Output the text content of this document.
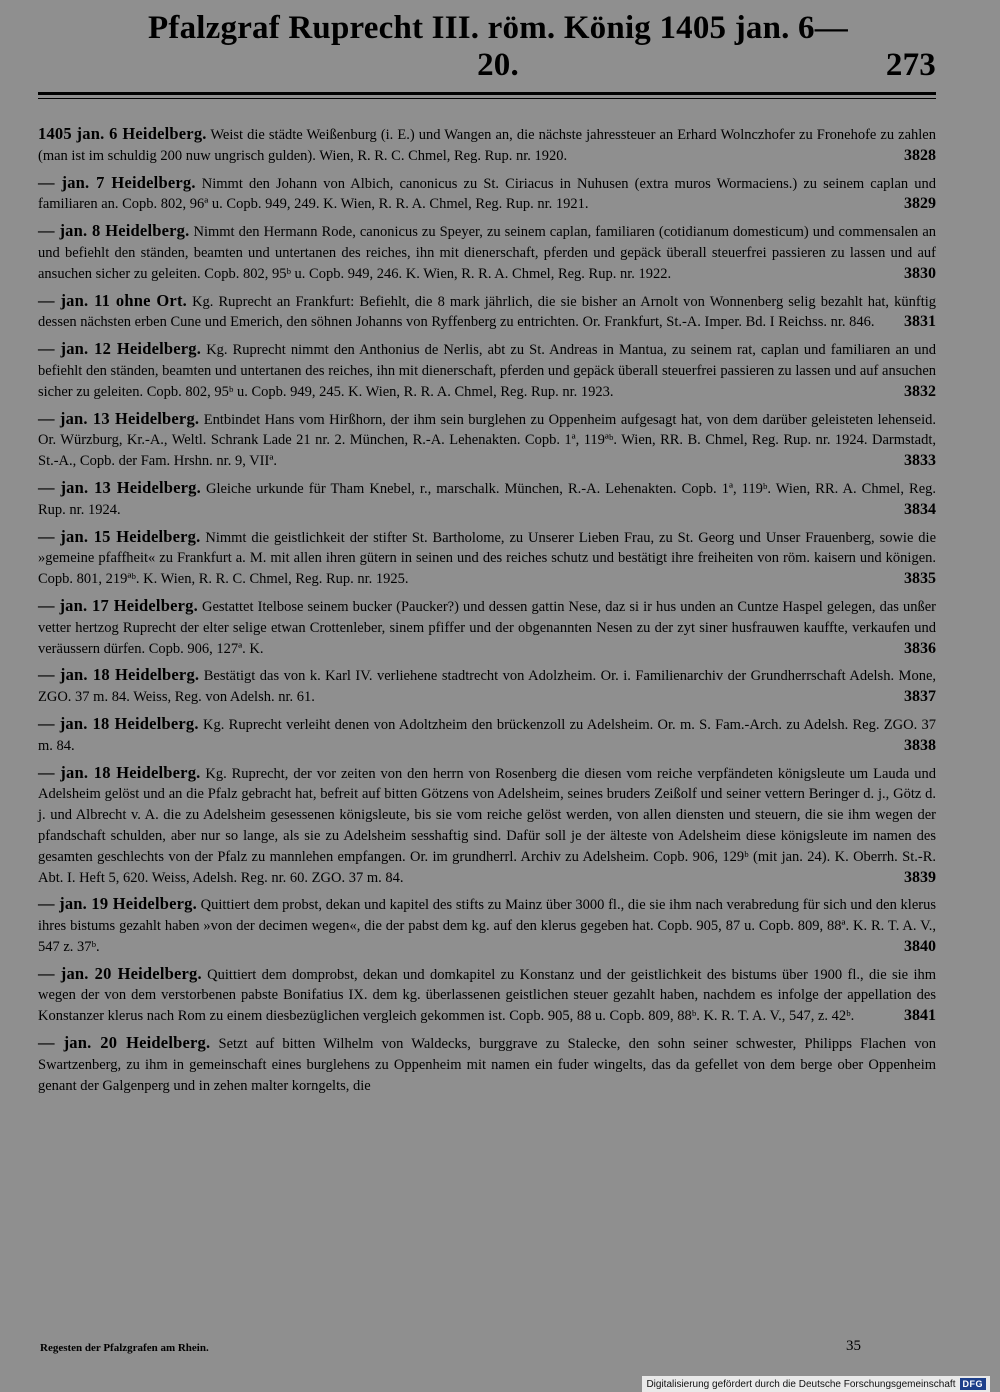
Pfalzgraf Ruprecht III. röm. König 1405 jan. 6—20.	273
1405 jan. 6 Heidelberg. Weist die städte Weißenburg (i. E.) und Wangen an, die nächste jahressteuer an Erhard Wolnczhofer zu Fronehofe zu zahlen (man ist im schuldig 200 nuw ungrisch gulden). Wien, R. R. C. Chmel, Reg. Rup. nr. 1920.	3828
— jan. 7 Heidelberg. Nimmt den Johann von Albich, canonicus zu St. Ciriacus in Nuhusen (extra muros Wormaciens.) zu seinem caplan und familiaren an. Copb. 802, 96ª u. Copb. 949, 249. K. Wien, R. R. A. Chmel, Reg. Rup. nr. 1921.	3829
— jan. 8 Heidelberg. Nimmt den Hermann Rode, canonicus zu Speyer, zu seinem caplan, familiaren (cotidianum domesticum) und commensalen an und befiehlt den ständen, beamten und untertanen des reiches, ihn mit dienerschaft, pferden und gepäck überall steuerfrei passieren zu lassen und auf ansuchen sicher zu geleiten. Copb. 802, 95ᵇ u. Copb. 949, 246. K. Wien, R. R. A. Chmel, Reg. Rup. nr. 1922.	3830
— jan. 11 ohne Ort. Kg. Ruprecht an Frankfurt: Befiehlt, die 8 mark jährlich, die sie bisher an Arnolt von Wonnenberg selig bezahlt hat, künftig dessen nächsten erben Cune und Emerich, den söhnen Johanns von Ryffenberg zu entrichten. Or. Frankfurt, St.-A. Imper. Bd. I Reichss. nr. 846. 3831
— jan. 12 Heidelberg. Kg. Ruprecht nimmt den Anthonius de Nerlis, abt zu St. Andreas in Mantua, zu seinem rat, caplan und familiaren an und befiehlt den ständen, beamten und untertanen des reiches, ihn mit dienerschaft, pferden und gepäck überall steuerfrei passieren zu lassen und auf ansuchen sicher zu geleiten. Copb. 802, 95ᵇ u. Copb. 949, 245. K. Wien, R. R. A. Chmel, Reg. Rup. nr. 1923.	3832
— jan. 13 Heidelberg. Entbindet Hans vom Hirßhorn, der ihm sein burglehen zu Oppenheim aufgesagt hat, von dem darüber geleisteten lehenseid. Or. Würzburg, Kr.-A., Weltl. Schrank Lade 21 nr. 2. München, R.-A. Lehenakten. Copb. 1ª, 119ªᵇ. Wien, RR. B. Chmel, Reg. Rup. nr. 1924. Darmstadt, St.-A., Copb. der Fam. Hrshn. nr. 9, VIIª.	3833
— jan. 13 Heidelberg. Gleiche urkunde für Tham Knebel, r., marschalk. München, R.-A. Lehenakten. Copb. 1ª, 119ᵇ. Wien, RR. A. Chmel, Reg. Rup. nr. 1924.	3834
— jan. 15 Heidelberg. Nimmt die geistlichkeit der stifter St. Bartholome, zu Unserer Lieben Frau, zu St. Georg und Unser Frauenberg, sowie die »gemeine pfaffheit« zu Frankfurt a. M. mit allen ihren gütern in seinen und des reiches schutz und bestätigt ihre freiheiten von röm. kaisern und königen. Copb. 801, 219ªᵇ. K. Wien, R. R. C. Chmel, Reg. Rup. nr. 1925.	3835
— jan. 17 Heidelberg. Gestattet Itelbose seinem bucker (Paucker?) und dessen gattin Nese, daz si ir hus unden an Cuntze Haspel gelegen, das unßer vetter hertzog Ruprecht der elter selige etwan Crottenleber, sinem pfiffer und der obgenannten Nesen zu der zyt siner husfrauwen kauffte, verkaufen und veräussern dürfen. Copb. 906, 127ª. K.	3836
— jan. 18 Heidelberg. Bestätigt das von k. Karl IV. verliehene stadtrecht von Adolzheim. Or. i. Familienarchiv der Grundherrschaft Adelsh. Mone, ZGO. 37 m. 84. Weiss, Reg. von Adelsh. nr. 61.	3837
— jan. 18 Heidelberg. Kg. Ruprecht verleiht denen von Adoltzheim den brückenzoll zu Adelsheim. Or. m. S. Fam.-Arch. zu Adelsh. Reg. ZGO. 37 m. 84.	3838
— jan. 18 Heidelberg. Kg. Ruprecht, der vor zeiten von den herrn von Rosenberg die diesen vom reiche verpfändeten königsleute um Lauda und Adelsheim gelöst und an die Pfalz gebracht hat, befreit auf bitten Götzens von Adelsheim, seines bruders Zeißolf und seiner vettern Beringer d. j., Götz d. j. und Albrecht v. A. die zu Adelsheim gesessenen königsleute, bis sie vom reiche gelöst werden, von allen diensten und steuern, die sie ihm wegen der pfandschaft schulden, aber nur so lange, als sie zu Adelsheim sesshaftig sind. Dafür soll je der älteste von Adelsheim diese königsleute im namen des gesamten geschlechts von der Pfalz zu mannlehen empfangen. Or. im grundherrl. Archiv zu Adelsheim. Copb. 906, 129ᵇ (mit jan. 24). K. Oberrh. St.-R. Abt. I. Heft 5, 620. Weiss, Adelsh. Reg. nr. 60. ZGO. 37 m. 84.	3839
— jan. 19 Heidelberg. Quittiert dem probst, dekan und kapitel des stifts zu Mainz über 3000 fl., die sie ihm nach verabredung für sich und den klerus ihres bistums gezahlt haben »von der decimen wegen«, die der pabst dem kg. auf den klerus gegeben hat. Copb. 905, 87 u. Copb. 809, 88ª. K. R. T. A. V., 547 z. 37ᵇ.	3840
— jan. 20 Heidelberg. Quittiert dem domprobst, dekan und domkapitel zu Konstanz und der geistlichkeit des bistums über 1900 fl., die sie ihm wegen der von dem verstorbenen pabste Bonifatius IX. dem kg. überlassenen geistlichen steuer gezahlt haben, nachdem es infolge der appellation des Konstanzer klerus nach Rom zu einem diesbezüglichen vergleich gekommen ist. Copb. 905, 88 u. Copb. 809, 88ᵇ. K. R. T. A. V., 547, z. 42ᵇ.	3841
— jan. 20 Heidelberg. Setzt auf bitten Wilhelm von Waldecks, burggrave zu Stalecke, den sohn seiner schwester, Philipps Flachen von Swartzenberg, zu ihm in gemeinschaft eines burglehens zu Oppenheim mit namen ein fuder wingelts, das da gefellet von dem berge ober Oppenheim genant der Galgenperg und in zehen malter korngelts, die
Regesten der Pfalzgrafen am Rhein.	35
Digitalisierung gefördert durch die Deutsche Forschungsgemeinschaft DFG
